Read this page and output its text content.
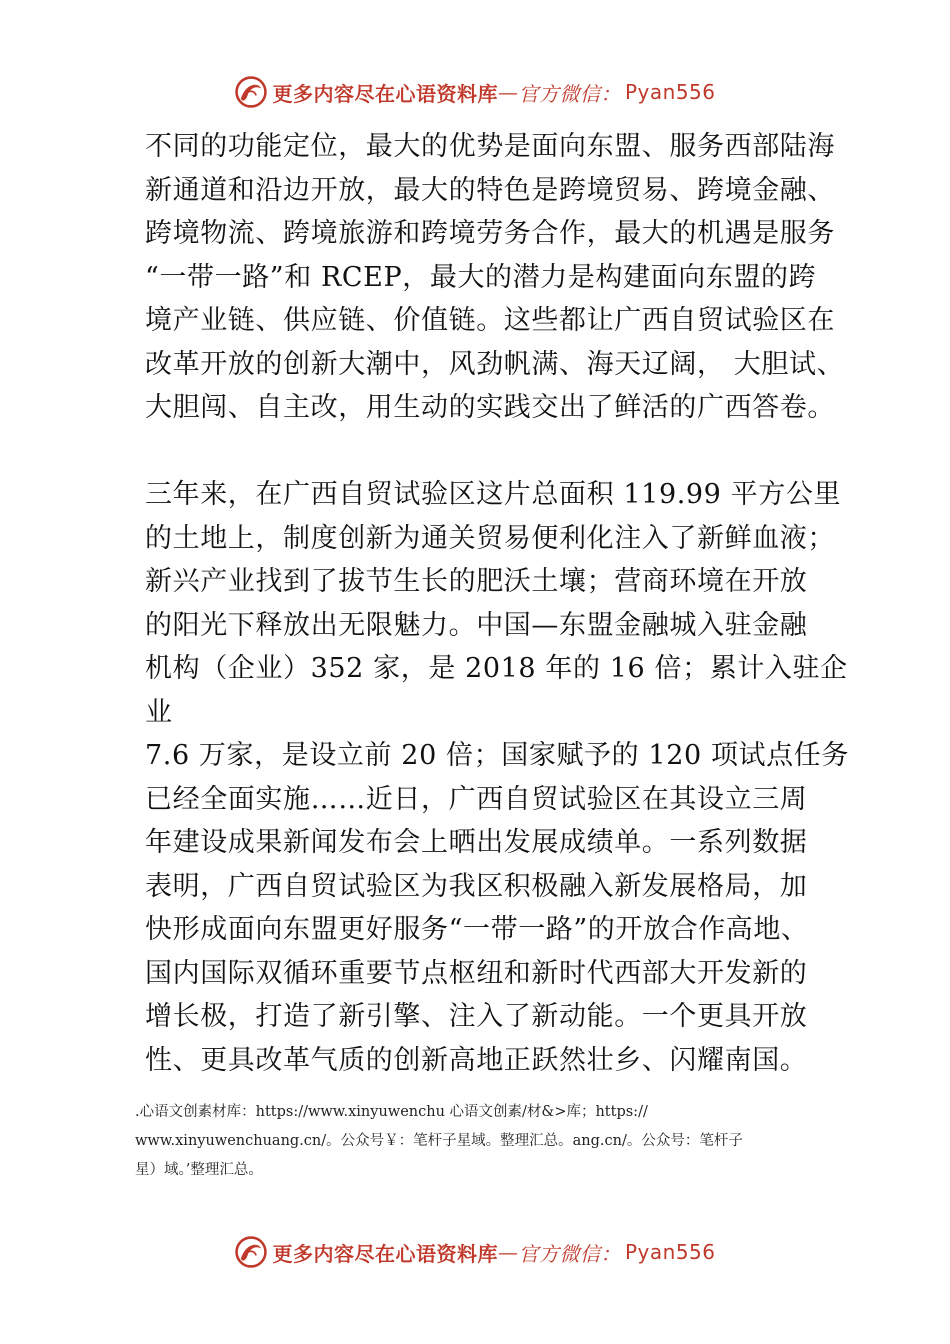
更多内容尽在心语资料库 — 官方微信： Pyan556
不同的功能定位，最大的优势是面向东盟、服务西部陆海
新通道和沿边开放，最大的特色是跨境贸易、跨境金融、
跨境物流、跨境旅游和跨境劳务合作，最大的机遇是服务
“一带一路”和 RCEP，最大的潜力是构建面向东盟的跨
境产业链、供应链、价值链。这些都让广西自贸试验区在
改革开放的创新大潮中，风劲帆满、海天辽阔， 大胆试、
大胆闯、自主改，用生动的实践交出了鲜活的广西答卷。
三年来，在广西自贸试验区这片总面积 119.99 平方公里
的土地上，制度创新为通关贸易便利化注入了新鲜血液；
新兴产业找到了拔节生长的肥沃土壤；营商环境在开放
的阳光下释放出无限魅力。中国—东盟金融城入驻金融
机构（企业）352 家，是 2018 年的 16 倍；累计入驻企
业
7.6 万家，是设立前 20 倍；国家赋予的 120 项试点任务
已经全面实施……近日，广西自贸试验区在其设立三周
年建设成果新闻发布会上晒出发展成绩单。一系列数据
表明，广西自贸试验区为我区积极融入新发展格局，加
快形成面向东盟更好服务“一带一路”的开放合作高地、
国内国际双循环重要节点枢纽和新时代西部大开发新的
增长极，打造了新引擎、注入了新动能。一个更具开放
性、更具改革气质的创新高地正跃然壮乡、闪耀南国。
.心语文创素材库：https://www.xinyuwenchu 心语文创素/材&>库；https://
www.xinyuwenchuang.cn/。公众号￥：笔杆子星域。整理汇总。ang.cn/。公众号：笔杆子
星）域。’整理汇总。
更多内容尽在心语资料库 — 官方微信： Pyan556
